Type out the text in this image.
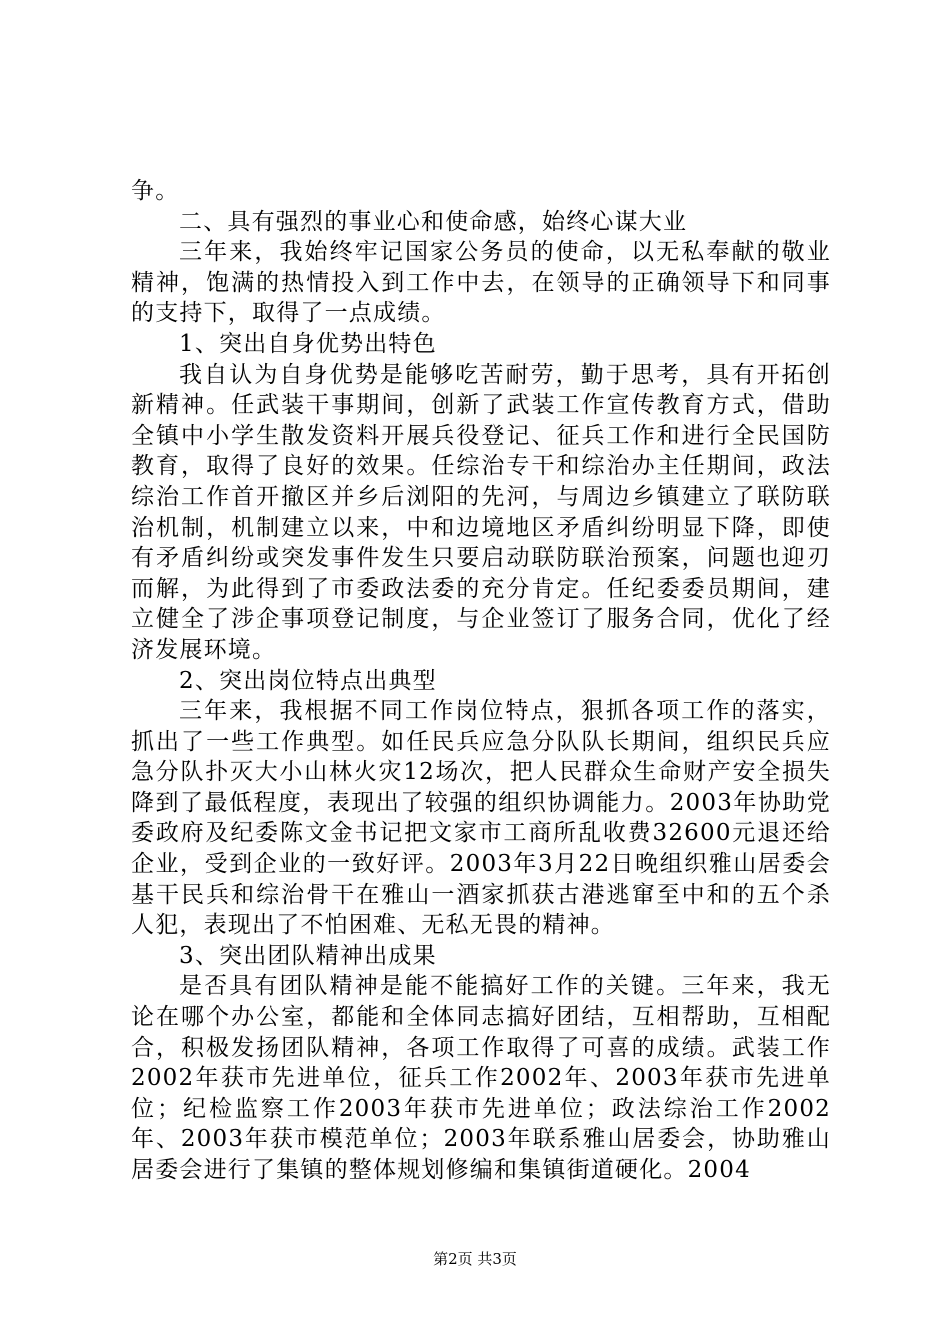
争。

二、具有强烈的事业心和使命感，始终心谋大业

三年来，我始终牢记国家公务员的使命，以无私奉献的敬业精神，饱满的热情投入到工作中去，在领导的正确领导下和同事的支持下，取得了一点成绩。

1、突出自身优势出特色

我自认为自身优势是能够吃苦耐劳，勤于思考，具有开拓创新精神。任武装干事期间，创新了武装工作宣传教育方式，借助全镇中小学生散发资料开展兵役登记、征兵工作和进行全民国防教育，取得了良好的效果。任综治专干和综治办主任期间，政法综治工作首开撤区并乡后浏阳的先河，与周边乡镇建立了联防联治机制，机制建立以来，中和边境地区矛盾纠纷明显下降，即使有矛盾纠纷或突发事件发生只要启动联防联治预案，问题也迎刃而解，为此得到了市委政法委的充分肯定。任纪委委员期间，建立健全了涉企事项登记制度，与企业签订了服务合同，优化了经济发展环境。

2、突出岗位特点出典型

三年来，我根据不同工作岗位特点，狠抓各项工作的落实，抓出了一些工作典型。如任民兵应急分队队长期间，组织民兵应急分队扑灭大小山林火灾12场次，把人民群众生命财产安全损失降到了最低程度，表现出了较强的组织协调能力。2003年协助党委政府及纪委陈文金书记把文家市工商所乱收费32600元退还给企业，受到企业的一致好评。2003年3月22日晚组织雅山居委会基干民兵和综治骨干在雅山一酒家抓获古港逃窜至中和的五个杀人犯，表现出了不怕困难、无私无畏的精神。

3、突出团队精神出成果

是否具有团队精神是能不能搞好工作的关键。三年来，我无论在哪个办公室，都能和全体同志搞好团结，互相帮助，互相配合，积极发扬团队精神，各项工作取得了可喜的成绩。武装工作2002年获市先进单位，征兵工作2002年、2003年获市先进单位；纪检监察工作2003年获市先进单位；政法综治工作2002年、2003年获市模范单位；2003年联系雅山居委会，协助雅山居委会进行了集镇的整体规划修编和集镇街道硬化。2004

第2页 共3页
